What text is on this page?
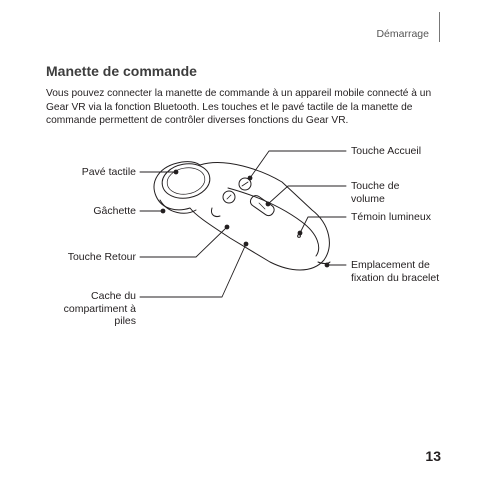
Démarrage
Manette de commande

Vous pouvez connecter la manette de commande à un appareil mobile connecté à un Gear VR via la fonction Bluetooth. Les touches et le pavé tactile de la manette de commande permettent de contrôler diverses fonctions du Gear VR.

Pavé tactile
Gâchette
Touche Retour
Cache du compartiment à piles
Touche Accueil
Touche de volume
Témoin lumineux
Emplacement de fixation du bracelet
13
